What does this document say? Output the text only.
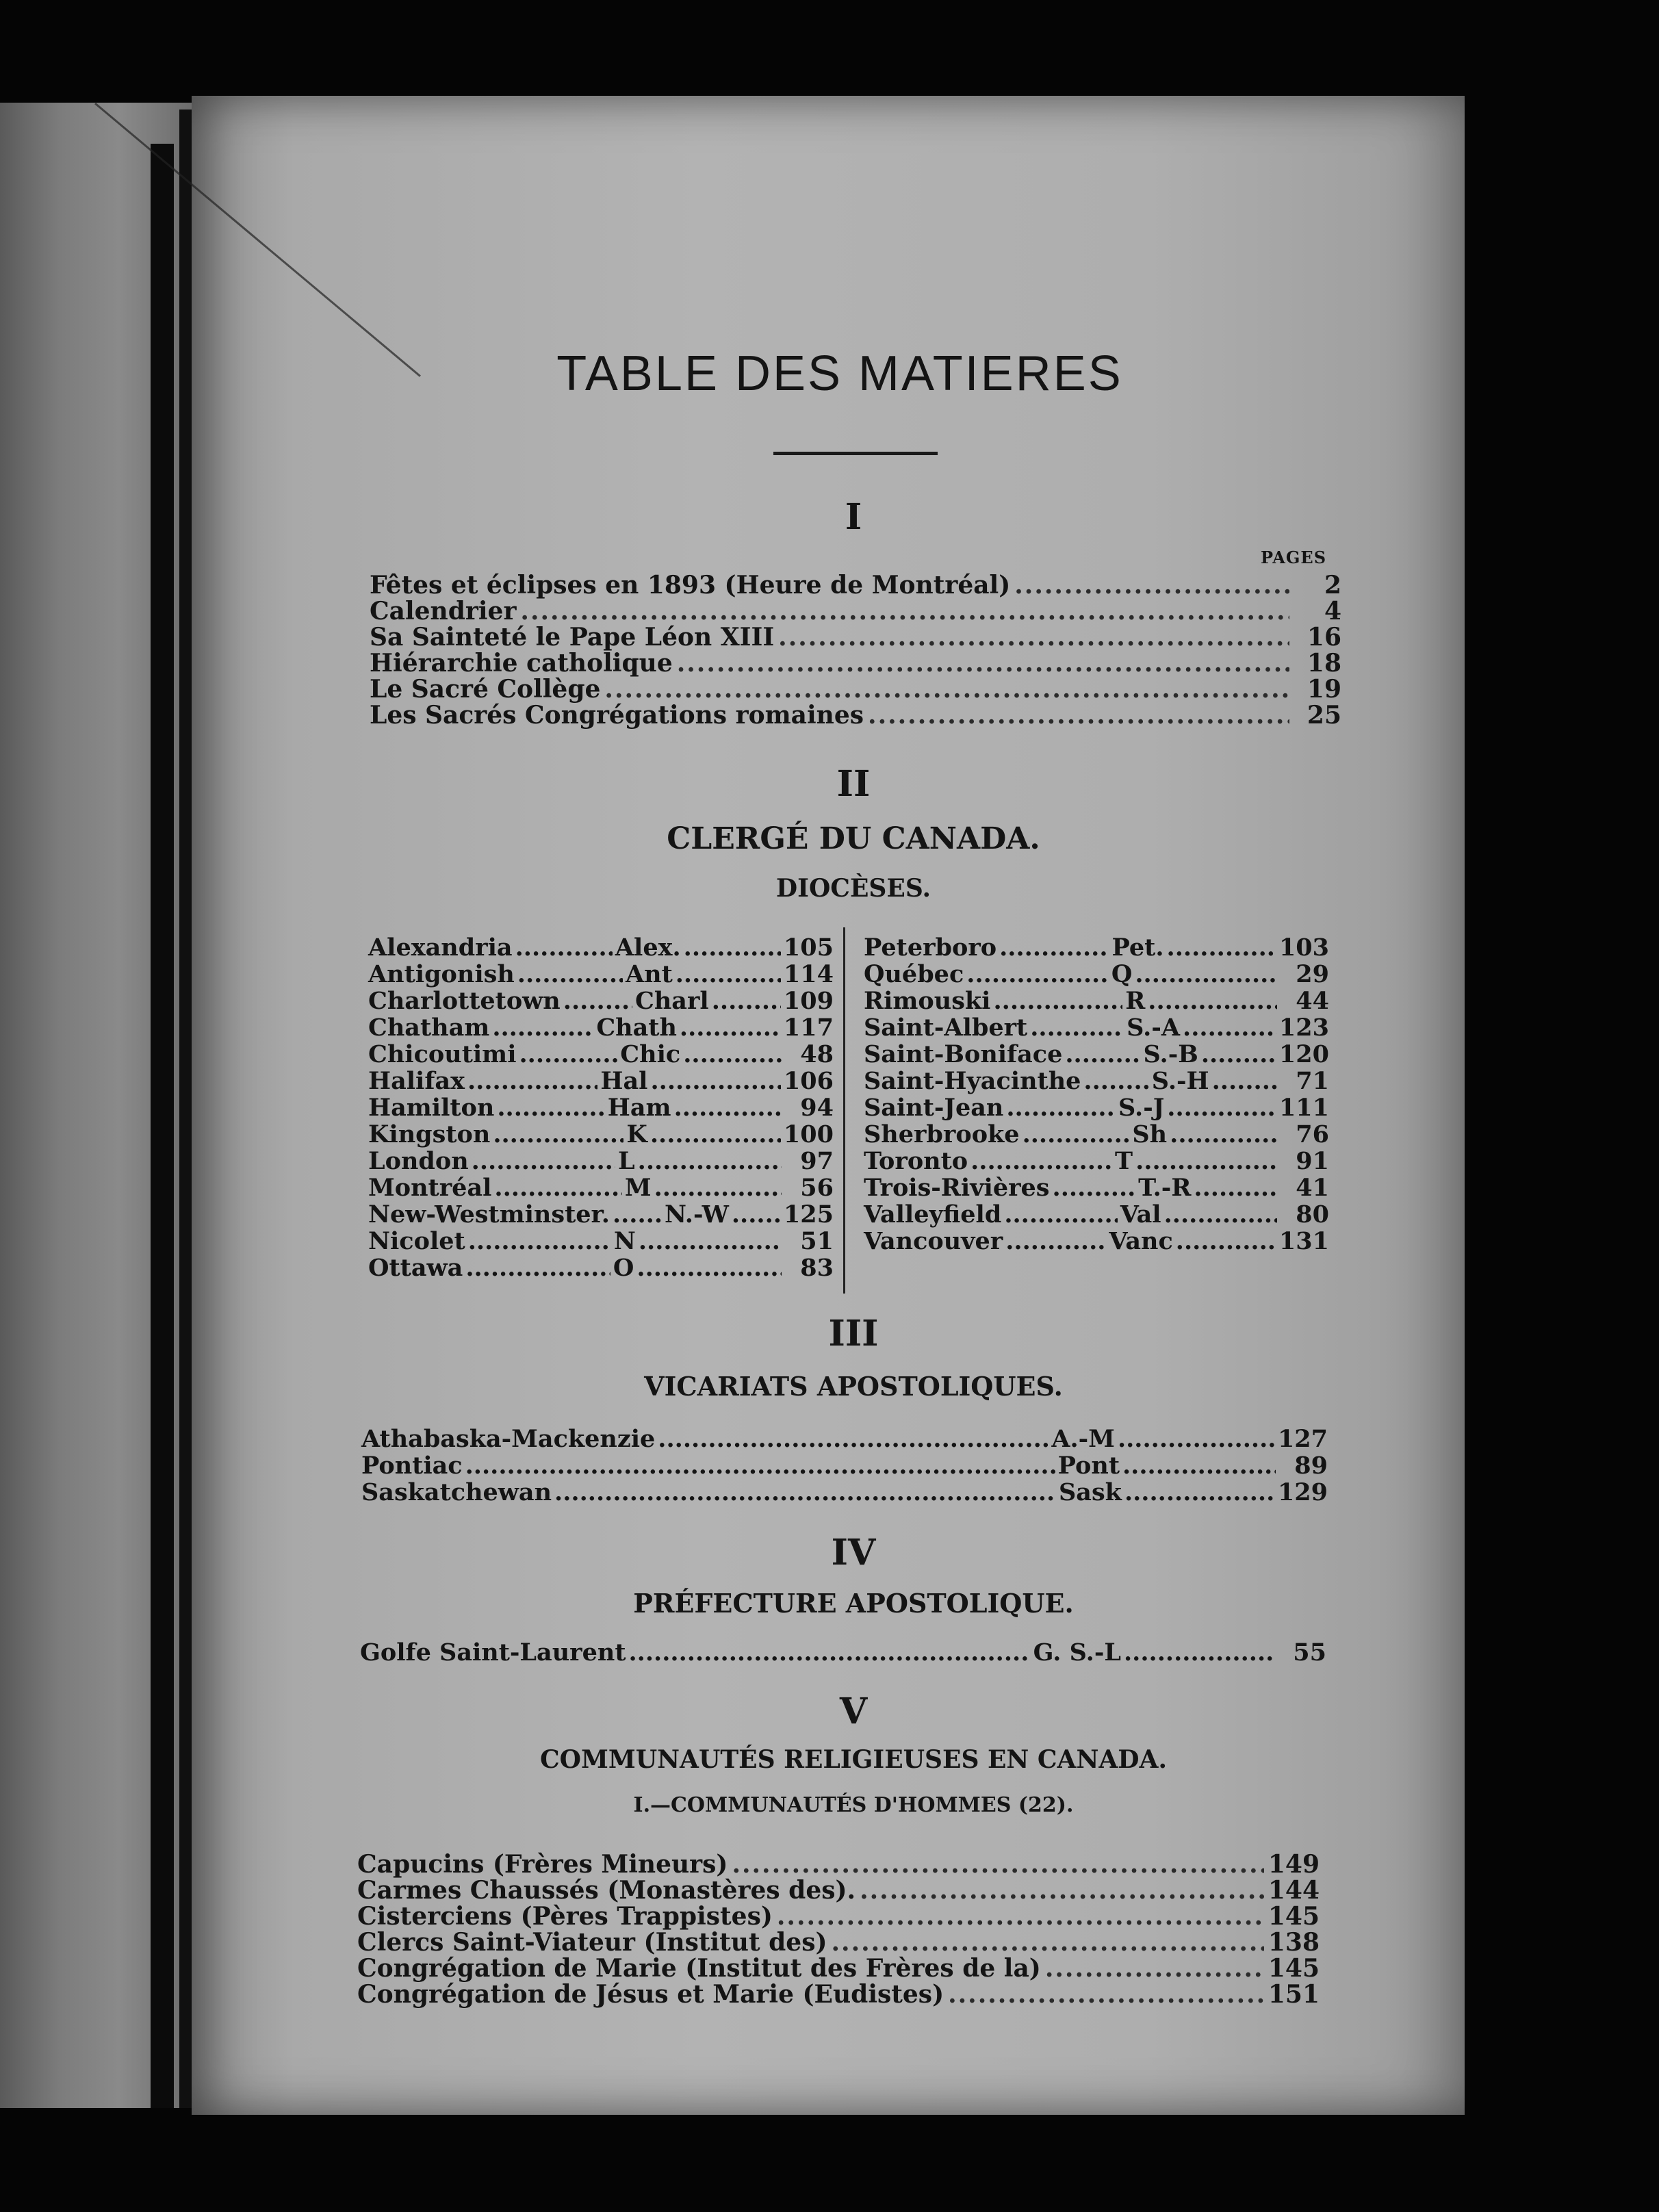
TABLE DES MATIERES
I
PAGES
Fêtes et éclipses en 1893 (Heure de Montréal) .....	2
Calendrier .....	4
Sa Sainteté le Pape Léon XIII .....	16
Hiérarchie catholique .....	18
Le Sacré Collège .....	19
Les Sacrés Congrégations romaines .....	25
II
CLERGÉ DU CANADA.
DIOCÈSES.
Alexandria .....	Alex. .....	105
Antigonish .....	Ant .....	114
Charlottetown .....	Charl .....	109
Chatham .....	Chath .....	117
Chicoutimi .....	Chic .....	48
Halifax .....	Hal .....	106
Hamilton .....	Ham .....	94
Kingston .....	K .....	100
London .....	L .....	97
Montréal .....	M .....	56
New-Westminster. ..... N.-W ..... 125
Nicolet .....	N .....	51
Ottawa .....	O .....	83
Peterboro .....	Pet. .....	103
Québec .....	Q .....	29
Rimouski .....	R .....	44
Saint-Albert .....	S.-A .....	123
Saint-Boniface .....	S.-B .....	120
Saint-Hyacinthe .....	S.-H .....	71
Saint-Jean .....	S.-J .....	111
Sherbrooke .....	Sh .....	76
Toronto .....	T .....	91
Trois-Rivières .....	T.-R .....	41
Valleyfield .....	Val .....	80
Vancouver .....	Vanc .....	131
III
VICARIATS APOSTOLIQUES.
Athabaska-Mackenzie .....	A.-M .....	127
Pontiac .....	Pont .....	89
Saskatchewan .....	Sask .....	129
IV
PRÉFECTURE APOSTOLIQUE.
Golfe Saint-Laurent .....	G. S.-L .....	55
V
COMMUNAUTÉS RELIGIEUSES EN CANADA.
I.—COMMUNAUTÉS D'HOMMES (22).
Capucins (Frères Mineurs) .....	149
Carmes Chaussés (Monastères des). .....	144
Cisterciens (Pères Trappistes) .....	145
Clercs Saint-Viateur (Institut des) .....	138
Congrégation de Marie (Institut des Frères de la) .....	145
Congrégation de Jésus et Marie (Eudistes) .....	151
